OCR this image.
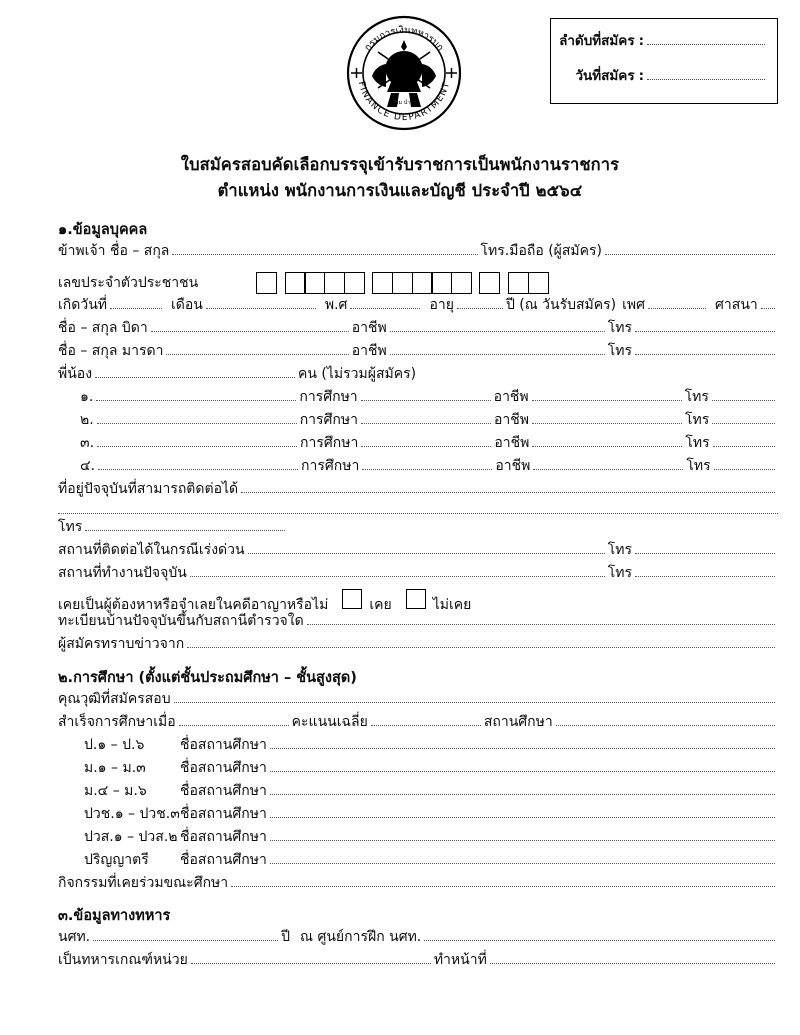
ธรรม นำ กิจ
กรมการเงินทหารบก
FINANCE DEPARTMENT
ลำดับที่สมัคร :
วันที่สมัคร :
ใบสมัครสอบคัดเลือกบรรจุเข้ารับราชการเป็นพนักงานราชการ
ตำแหน่ง พนักงานการเงินและบัญชี ประจำปี ๒๕๖๔
๑.ข้อมูลบุคคล
ข้าพเจ้า ชื่อ – สกุล	โทร.มือถือ (ผู้สมัคร)
เลขประจำตัวประชาชน
เกิดวันที่	เดือน	พ.ศ	อายุ	ปี (ณ วันรับสมัคร) เพศ	ศาสนา
ชื่อ – สกุล บิดา	อาชีพ	โทร
ชื่อ – สกุล มารดา	อาชีพ	โทร
พี่น้อง	คน (ไม่รวมผู้สมัคร)
๑.	การศึกษา	อาชีพ	โทร
๒.	การศึกษา	อาชีพ	โทร
๓.	การศึกษา	อาชีพ	โทร
๔.	การศึกษา	อาชีพ	โทร
ที่อยู่ปัจจุบันที่สามารถติดต่อได้
โทร
สถานที่ติดต่อได้ในกรณีเร่งด่วน	โทร
สถานที่ทำงานปัจจุบัน	โทร
เคยเป็นผู้ต้องหาหรือจำเลยในคดีอาญาหรือไม่	เคย	ไม่เคย
ทะเบียนบ้านปัจจุบันขึ้นกับสถานีตำรวจใด
ผู้สมัครทราบข่าวจาก
๒.การศึกษา (ตั้งแต่ชั้นประถมศึกษา – ชั้นสูงสุด)
คุณวุฒิที่สมัครสอบ
สำเร็จการศึกษาเมื่อ	คะแนนเฉลี่ย	สถานศึกษา
ป.๑ – ป.๖	ชื่อสถานศึกษา
ม.๑ – ม.๓	ชื่อสถานศึกษา
ม.๔ – ม.๖	ชื่อสถานศึกษา
ปวช.๑ – ปวช.๓ ชื่อสถานศึกษา
ปวส.๑ – ปวส.๒ ชื่อสถานศึกษา
ปริญญาตรี	ชื่อสถานศึกษา
กิจกรรมที่เคยร่วมขณะศึกษา
๓.ข้อมูลทางทหาร
นศท.	ปี ณ ศูนย์การฝึก นศท.
เป็นทหารเกณฑ์หน่วย	ทำหน้าที่
